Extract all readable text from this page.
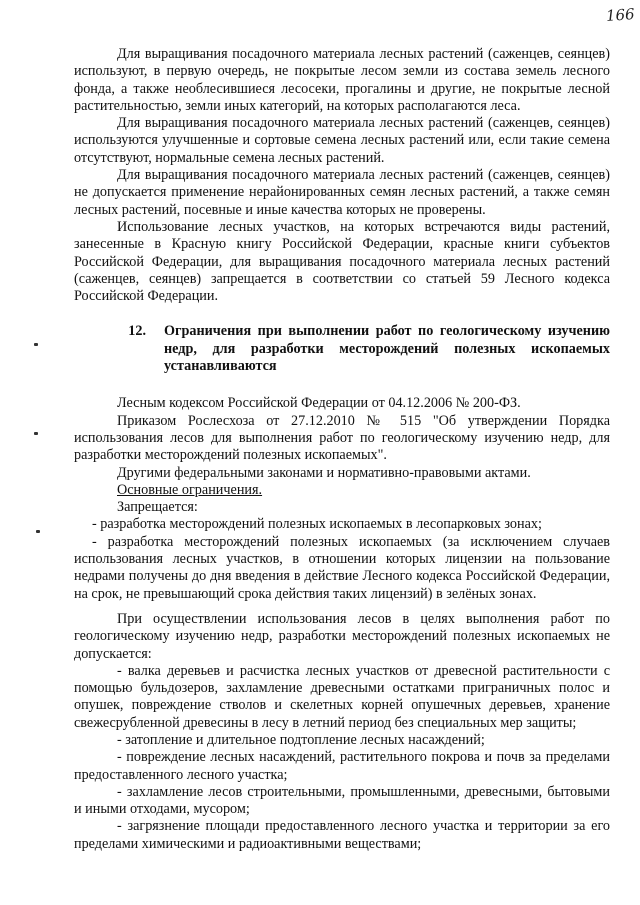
166

Для выращивания посадочного материала лесных растений (саженцев, сеянцев) используют, в первую очередь, не покрытые лесом земли из состава земель лесного фонда, а также необлесившиеся лесосеки, прогалины и другие, не покрытые лесной растительностью, земли иных категорий, на которых располагаются леса.

Для выращивания посадочного материала лесных растений (саженцев, сеянцев) используются улучшенные и сортовые семена лесных растений или, если такие семена отсутствуют, нормальные семена лесных растений.

Для выращивания посадочного материала лесных растений (саженцев, сеянцев) не допускается применение нерайонированных семян лесных растений, а также семян лесных растений, посевные и иные качества которых не проверены.

Использование лесных участков, на которых встречаются виды растений, занесенные в Красную книгу Российской Федерации, красные книги субъектов Российской Федерации, для выращивания посадочного материала лесных растений (саженцев, сеянцев) запрещается в соответствии со статьей 59 Лесного кодекса Российской Федерации.

12.	Ограничения при выполнении работ по геологическому изучению недр, для разработки месторождений полезных ископаемых устанавливаются

Лесным кодексом Российской Федерации от 04.12.2006 № 200-ФЗ.

Приказом Рослесхоза от 27.12.2010 № 515 "Об утверждении Порядка использования лесов для выполнения работ по геологическому изучению недр, для разработки месторождений полезных ископаемых".

Другими федеральными законами и нормативно-правовыми актами.

Основные ограничения.

Запрещается:

- разработка месторождений полезных ископаемых в лесопарковых зонах;

- разработка месторождений полезных ископаемых (за исключением случаев использования лесных участков, в отношении которых лицензии на пользование недрами получены до дня введения в действие Лесного кодекса Российской Федерации, на срок, не превышающий срока действия таких лицензий) в зелёных зонах.

При осуществлении использования лесов в целях выполнения работ по геологическому изучению недр, разработки месторождений полезных ископаемых не допускается:

- валка деревьев и расчистка лесных участков от древесной растительности с помощью бульдозеров, захламление древесными остатками приграничных полос и опушек, повреждение стволов и скелетных корней опушечных деревьев, хранение свежесрубленной древесины в лесу в летний период без специальных мер защиты;

- затопление и длительное подтопление лесных насаждений;

- повреждение лесных насаждений, растительного покрова и почв за пределами предоставленного лесного участка;

- захламление лесов строительными, промышленными, древесными, бытовыми и иными отходами, мусором;

- загрязнение площади предоставленного лесного участка и территории за его пределами химическими и радиоактивными веществами;
